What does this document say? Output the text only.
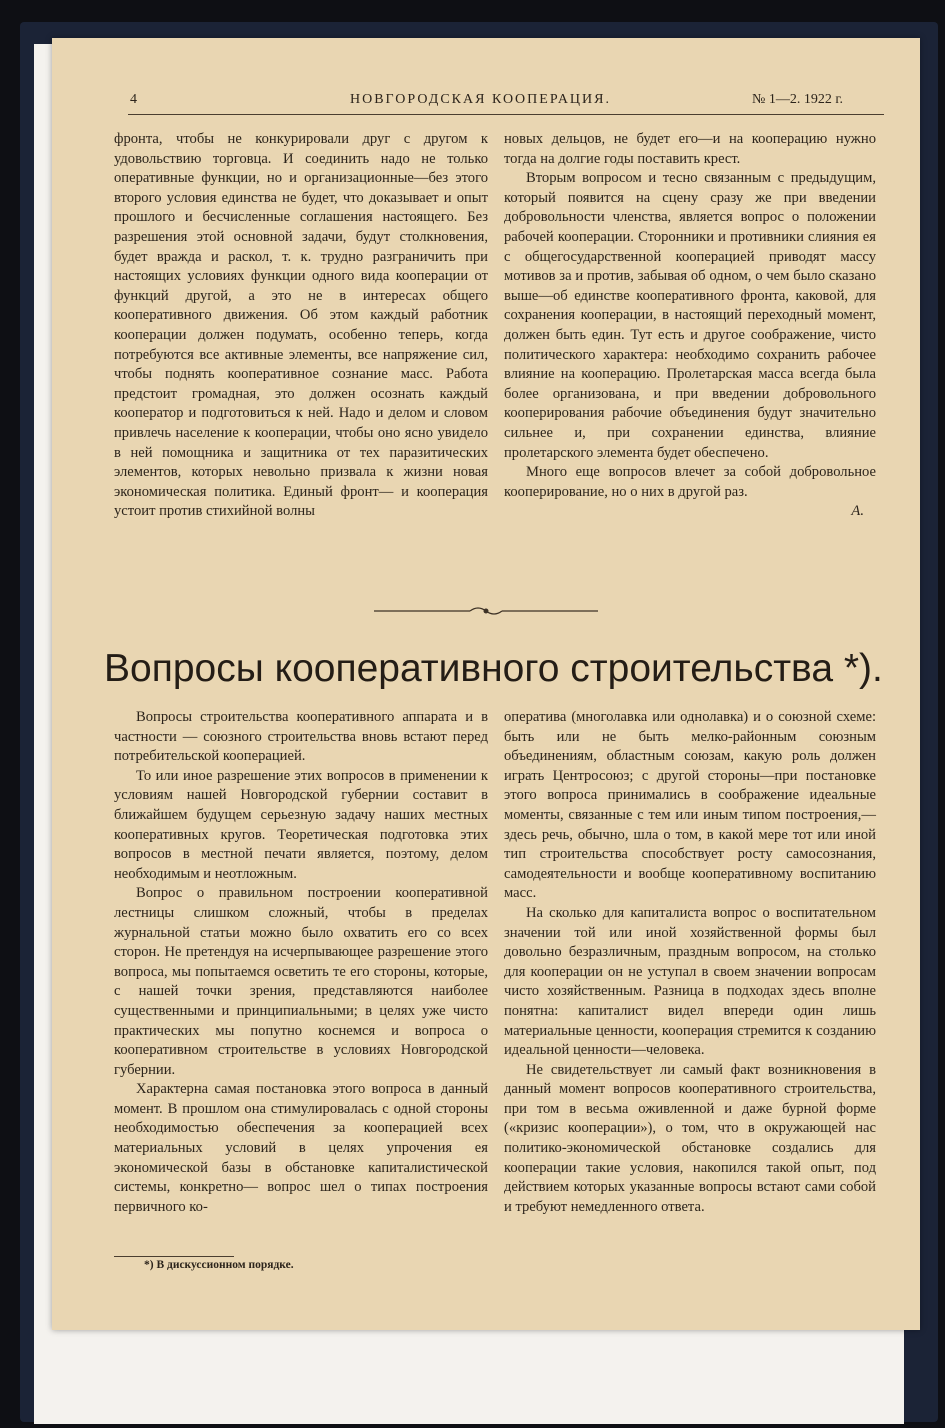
4	НОВГОРОДСКАЯ КООПЕРАЦИЯ.	№ 1—2. 1922 г.

фронта, чтобы не конкурировали друг с другом к удовольствию торговца. И соединить надо не только оперативные функции, но и организационные—без этого второго условия единства не будет, что доказывает и опыт прошлого и бесчисленные соглашения настоящего. Без разрешения этой основной задачи, будут столкновения, будет вражда и раскол, т. к. трудно разграничить при настоящих условиях функции одного вида кооперации от функций другой, а это не в интересах общего кооперативного движения. Об этом каждый работник кооперации должен подумать, особенно теперь, когда потребуются все активные элементы, все напряжение сил, чтобы поднять кооперативное сознание масс. Работа предстоит громадная, это должен осознать каждый кооператор и подготовиться к ней. Надо и делом и словом привлечь население к кооперации, чтобы оно ясно увидело в ней помощника и защитника от тех паразитических элементов, которых невольно призвала к жизни новая экономическая политика. Единый фронт— и кооперация устоит против стихийной волны

новых дельцов, не будет его—и на кооперацию нужно тогда на долгие годы поставить крест.

Вторым вопросом и тесно связанным с предыдущим, который появится на сцену сразу же при введении добровольности членства, является вопрос о положении рабочей кооперации. Сторонники и противники слияния ея с общегосударственной кооперацией приводят массу мотивов за и против, забывая об одном, о чем было сказано выше—об единстве кооперативного фронта, каковой, для сохранения кооперации, в настоящий переходный момент, должен быть един. Тут есть и другое соображение, чисто политического характера: необходимо сохранить рабочее влияние на кооперацию. Пролетарская масса всегда была более организована, и при введении добровольного кооперирования рабочие объединения будут значительно сильнее и, при сохранении единства, влияние пролетарского элемента будет обеспечено.

Много еще вопросов влечет за собой добровольное кооперирование, но о них в другой раз.

А.
Вопросы кооперативного строительства *).

Вопросы строительства кооперативного аппарата и в частности — союзного строительства вновь встают перед потребительской кооперацией.

То или иное разрешение этих вопросов в применении к условиям нашей Новгородской губернии составит в ближайшем будущем серьезную задачу наших местных кооперативных кругов. Теоретическая подготовка этих вопросов в местной печати является, поэтому, делом необходимым и неотложным.

Вопрос о правильном построении кооперативной лестницы слишком сложный, чтобы в пределах журнальной статьи можно было охватить его со всех сторон. Не претендуя на исчерпывающее разрешение этого вопроса, мы попытаемся осветить те его стороны, которые, с нашей точки зрения, представляются наиболее существенными и принципиальными; в целях уже чисто практических мы попутно коснемся и вопроса о кооперативном строительстве в условиях Новгородской губернии.

Характерна самая постановка этого вопроса в данный момент. В прошлом она стимулировалась с одной стороны необходимостью обеспечения за кооперацией всех материальных условий в целях упрочения ея экономической базы в обстановке капиталистической системы, конкретно— вопрос шел о типах построения первичного ко-

оператива (многолавка или однолавка) и о союзной схеме: быть или не быть мелко-районным союзным объединениям, областным союзам, какую роль должен играть Центросоюз; с другой стороны—при постановке этого вопроса принимались в соображение идеальные моменты, связанные с тем или иным типом построения,—здесь речь, обычно, шла о том, в какой мере тот или иной тип строительства способствует росту самосознания, самодеятельности и вообще кооперативному воспитанию масс.

На сколько для капиталиста вопрос о воспитательном значении той или иной хозяйственной формы был довольно безразличным, праздным вопросом, на столько для кооперации он не уступал в своем значении вопросам чисто хозяйственным. Разница в подходах здесь вполне понятна: капиталист видел впереди один лишь материальные ценности, кооперация стремится к созданию идеальной ценности—человека.

Не свидетельствует ли самый факт возникновения в данный момент вопросов кооперативного строительства, при том в весьма оживленной и даже бурной форме («кризис кооперации»), о том, что в окружающей нас политико-экономической обстановке создались для кооперации такие условия, накопился такой опыт, под действием которых указанные вопросы встают сами собой и требуют немедленного ответа.

*) В дискуссионном порядке.
